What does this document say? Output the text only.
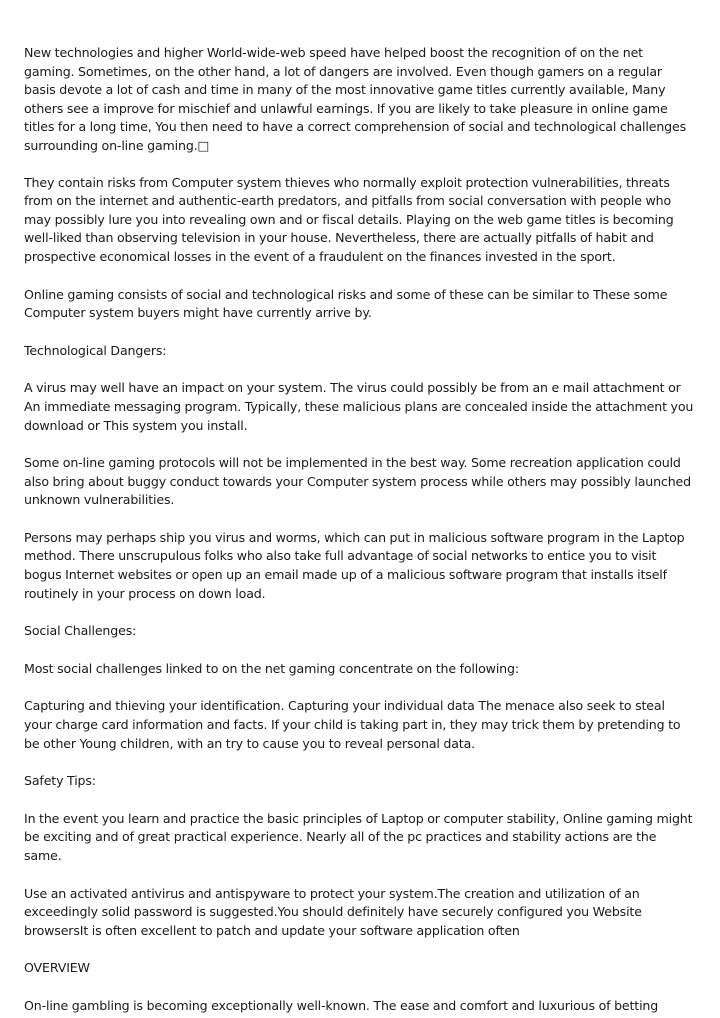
New technologies and higher World-wide-web speed have helped boost the recognition of on the net gaming. Sometimes, on the other hand, a lot of dangers are involved. Even though gamers on a regular basis devote a lot of cash and time in many of the most innovative game titles currently available, Many others see a improve for mischief and unlawful earnings. If you are likely to take pleasure in online game titles for a long time, You then need to have a correct comprehension of social and technological challenges surrounding on-line gaming.□

They contain risks from Computer system thieves who normally exploit protection vulnerabilities, threats from on the internet and authentic-earth predators, and pitfalls from social conversation with people who may possibly lure you into revealing own and or fiscal details. Playing on the web game titles is becoming well-liked than observing television in your house. Nevertheless, there are actually pitfalls of habit and prospective economical losses in the event of a fraudulent on the finances invested in the sport.

Online gaming consists of social and technological risks and some of these can be similar to These some Computer system buyers might have currently arrive by.

Technological Dangers:

A virus may well have an impact on your system. The virus could possibly be from an e mail attachment or An immediate messaging program. Typically, these malicious plans are concealed inside the attachment you download or This system you install.

Some on-line gaming protocols will not be implemented in the best way. Some recreation application could also bring about buggy conduct towards your Computer system process while others may possibly launched unknown vulnerabilities.

Persons may perhaps ship you virus and worms, which can put in malicious software program in the Laptop method. There unscrupulous folks who also take full advantage of social networks to entice you to visit bogus Internet websites or open up an email made up of a malicious software program that installs itself routinely in your process on down load.

Social Challenges:

Most social challenges linked to on the net gaming concentrate on the following:

Capturing and thieving your identification. Capturing your individual data The menace also seek to steal your charge card information and facts. If your child is taking part in, they may trick them by pretending to be other Young children, with an try to cause you to reveal personal data.

Safety Tips:

In the event you learn and practice the basic principles of Laptop or computer stability, Online gaming might be exciting and of great practical experience. Nearly all of the pc practices and stability actions are the same.

Use an activated antivirus and antispyware to protect your system.The creation and utilization of an exceedingly solid password is suggested.You should definitely have securely configured you Website browsersIt is often excellent to patch and update your software application often

OVERVIEW

On-line gambling is becoming exceptionally well-known. The ease and comfort and luxurious of betting
